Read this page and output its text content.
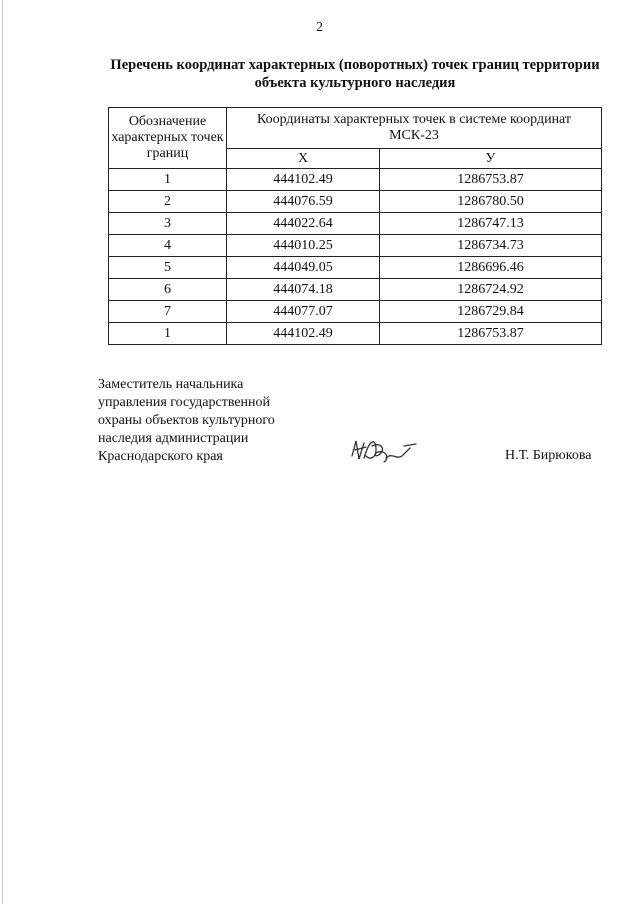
2
Перечень координат характерных (поворотных) точек границ территории
объекта культурного наследия
Обозначение характерных точек границ	Координаты характерных точек в системе координат МСК-23	
	Х	У
1	444102.49	1286753.87
2	444076.59	1286780.50
3	444022.64	1286747.13
4	444010.25	1286734.73
5	444049.05	1286696.46
6	444074.18	1286724.92
7	444077.07	1286729.84
1	444102.49	1286753.87
Заместитель начальника
управления государственной
охраны объектов культурного
наследия администрации
Краснодарского края	Н.Т. Бирюкова
